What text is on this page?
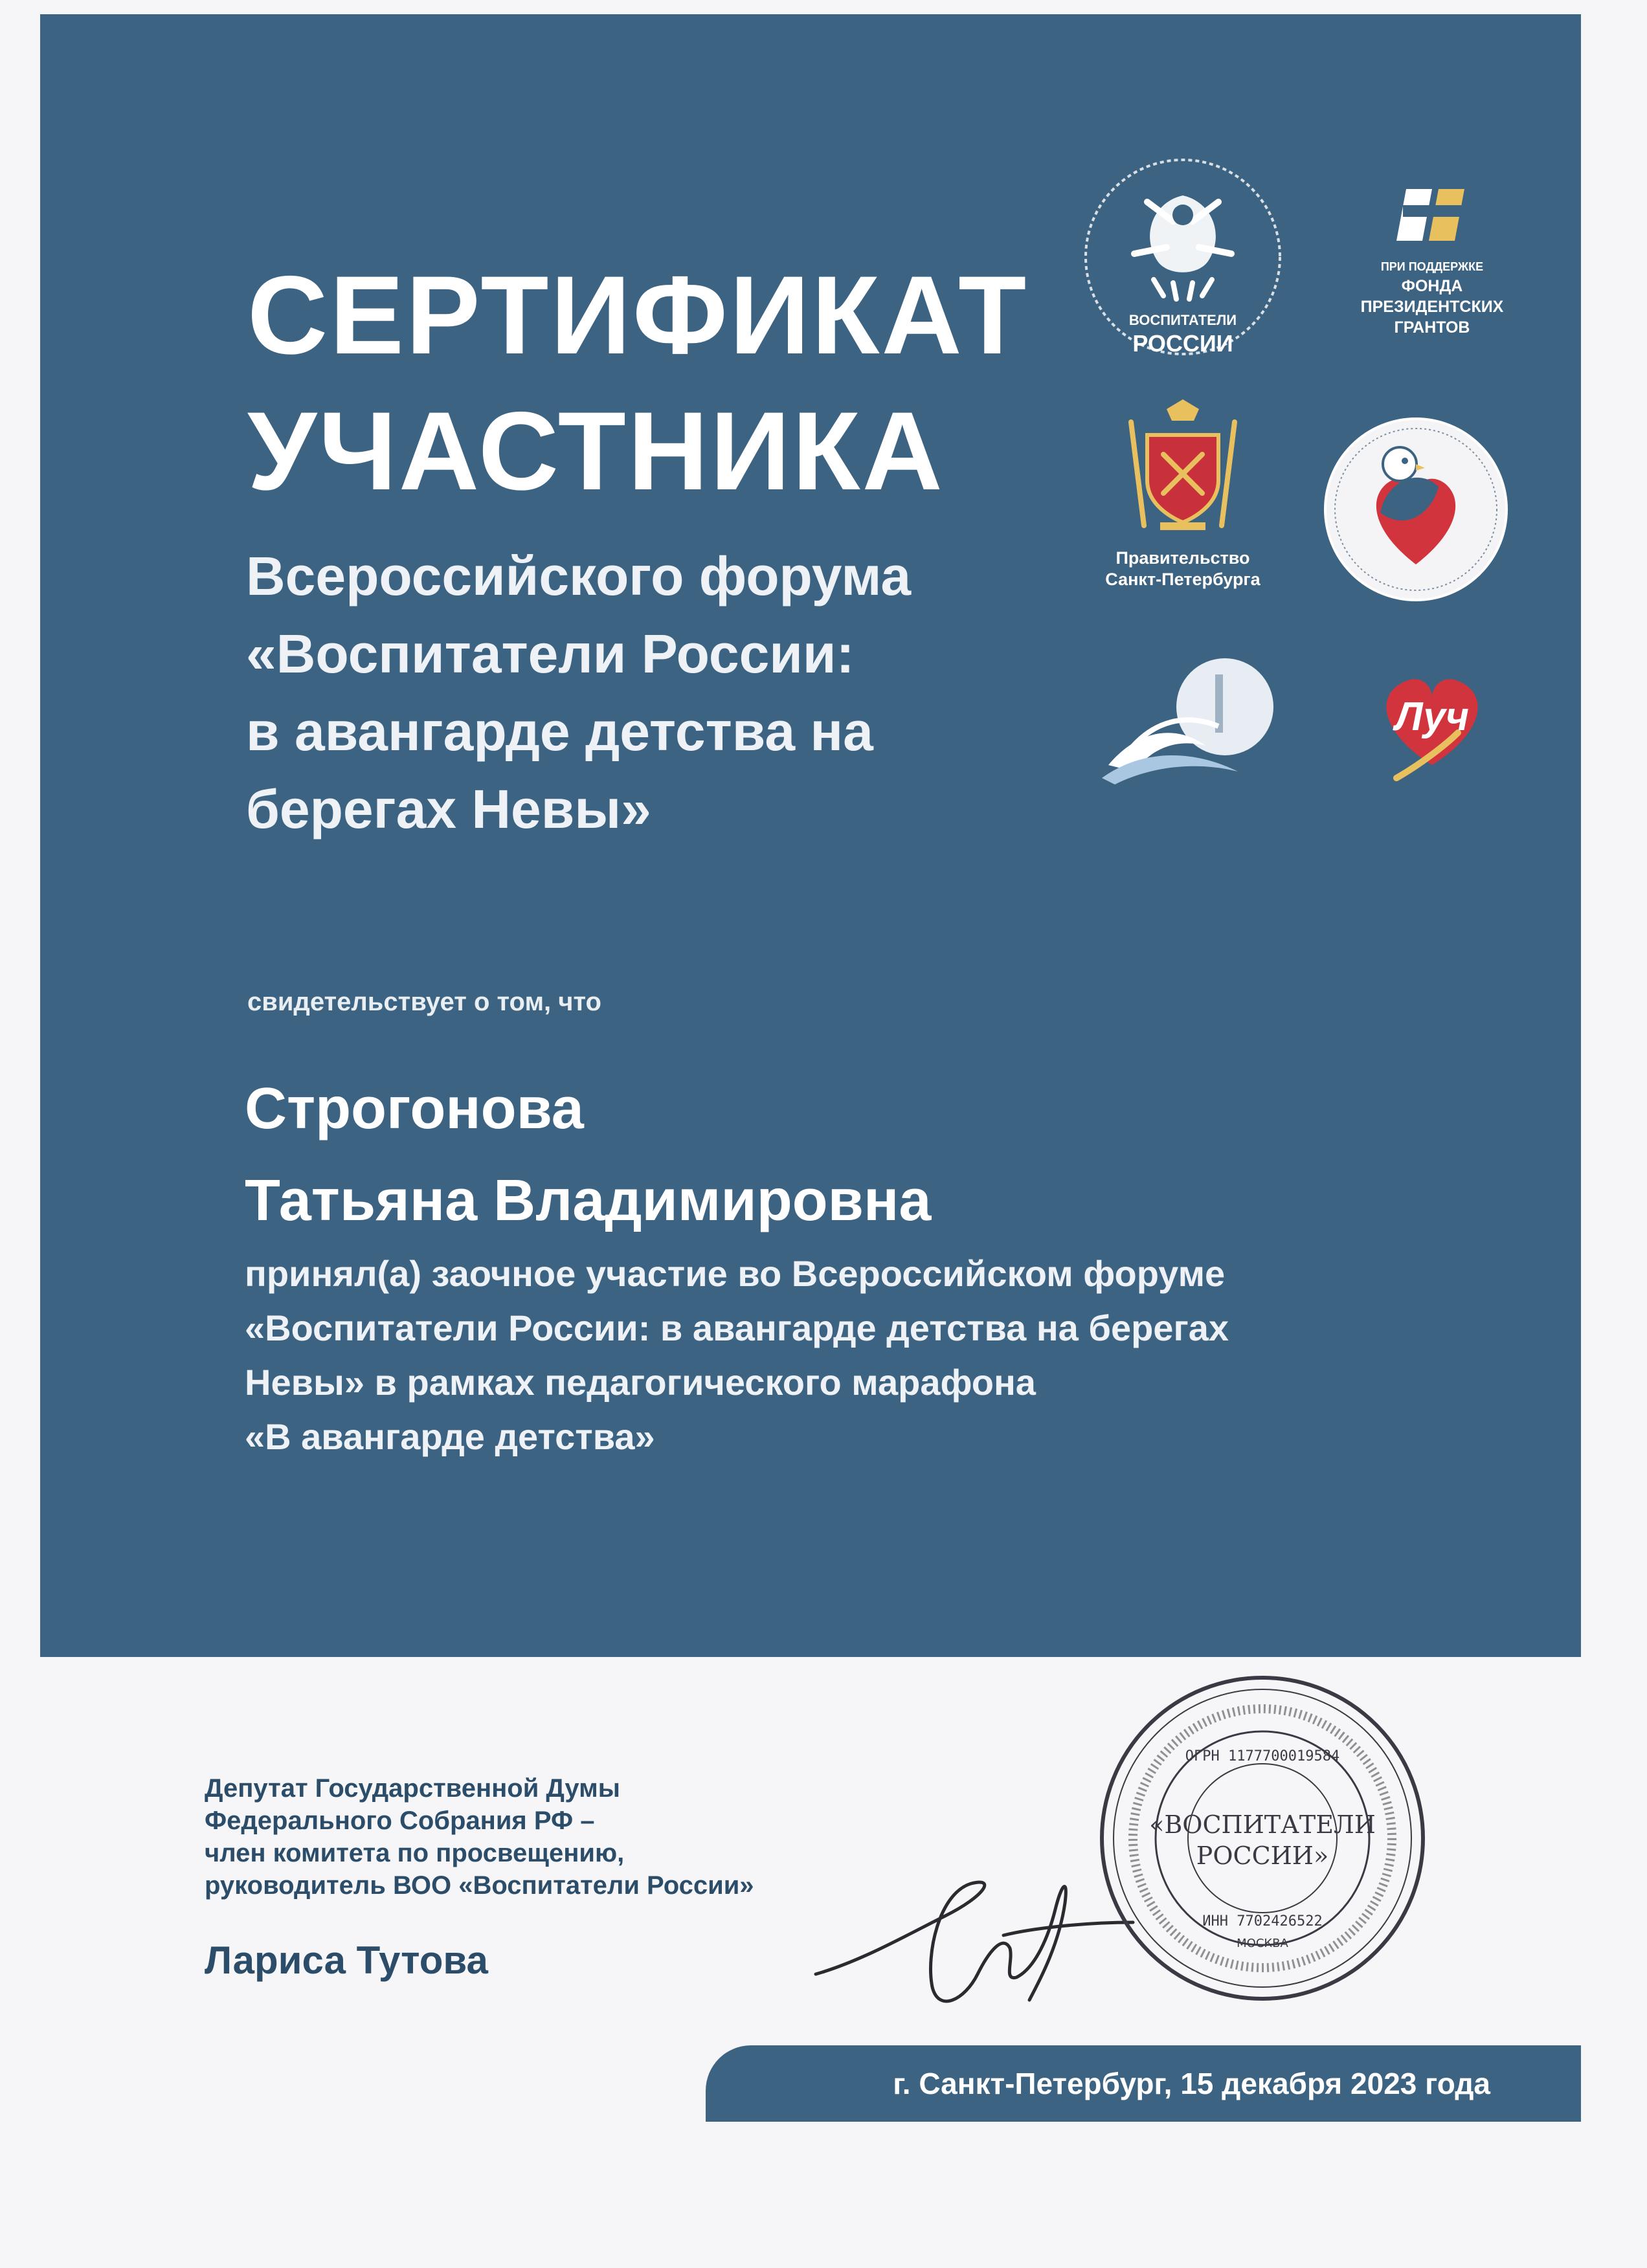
СЕРТИФИКАТ
УЧАСТНИКА
Всероссийского форума
«Воспитатели России:
в авангарде детства на
берегах Невы»
ВОСПИТАТЕЛИ
РОССИИ
ПРИ ПОДДЕРЖКЕ
ФОНДА
ПРЕЗИДЕНТСКИХ
ГРАНТОВ
Правительство
Санкт-Петербурга
Луч
свидетельствует о том, что
Строгонова
Татьяна Владимировна

принял(а) заочное участие во Всероссийском форуме
«Воспитатели России: в авангарде детства на берегах
Невы» в рамках педагогического марафона
«В авангарде детства»

Депутат Государственной Думы
Федерального Собрания РФ –
член комитета по просвещению,
руководитель ВОО «Воспитатели России»
Лариса Тутова
ОГРН 1177700019584
«ВОСПИТАТЕЛИ
РОССИИ»
ИНН 7702426522
МОСКВА
г. Санкт-Петербург, 15 декабря 2023 года
